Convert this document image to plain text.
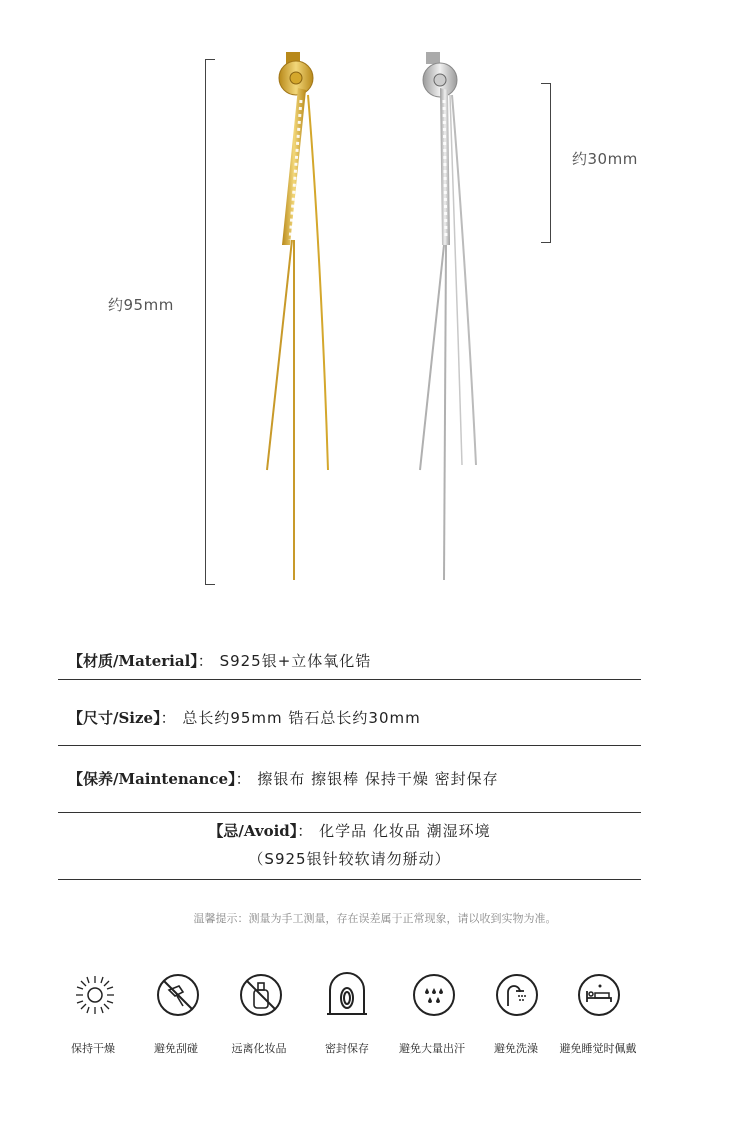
约95mm
约30mm
【材质/Material】： S925银+立体氧化锆
【尺寸/Size】： 总长约95mm 锆石总长约30mm
【保养/Maintenance】： 擦银布 擦银棒 保持干燥 密封保存
【忌/Avoid】： 化学品 化妆品 潮湿环境
（S925银针较软请勿掰动）
温馨提示：测量为手工测量，存在误差属于正常现象，请以收到实物为准。
保持干燥	避免刮碰	远离化妆品	密封保存	避免大量出汗	避免洗澡	避免睡觉时佩戴
